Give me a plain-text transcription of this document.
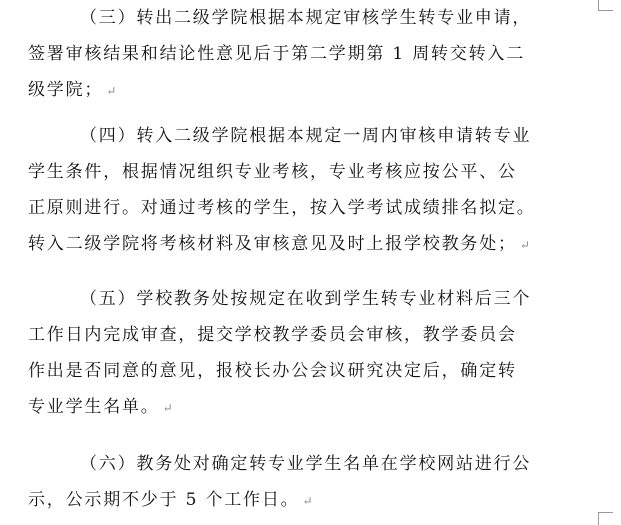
（三）转出二级学院根据本规定审核学生转专业申请，
签署审核结果和结论性意见后于第二学期第 1 周转交转入二
级学院； ↵

（四）转入二级学院根据本规定一周内审核申请转专业
学生条件，根据情况组织专业考核，专业考核应按公平、公
正原则进行。对通过考核的学生，按入学考试成绩排名拟定。
转入二级学院将考核材料及审核意见及时上报学校教务处； ↵

（五）学校教务处按规定在收到学生转专业材料后三个
工作日内完成审查，提交学校教学委员会审核，教学委员会
作出是否同意的意见，报校长办公会议研究决定后，确定转
专业学生名单。 ↵

（六）教务处对确定转专业学生名单在学校网站进行公
示，公示期不少于 5 个工作日。 ↵
